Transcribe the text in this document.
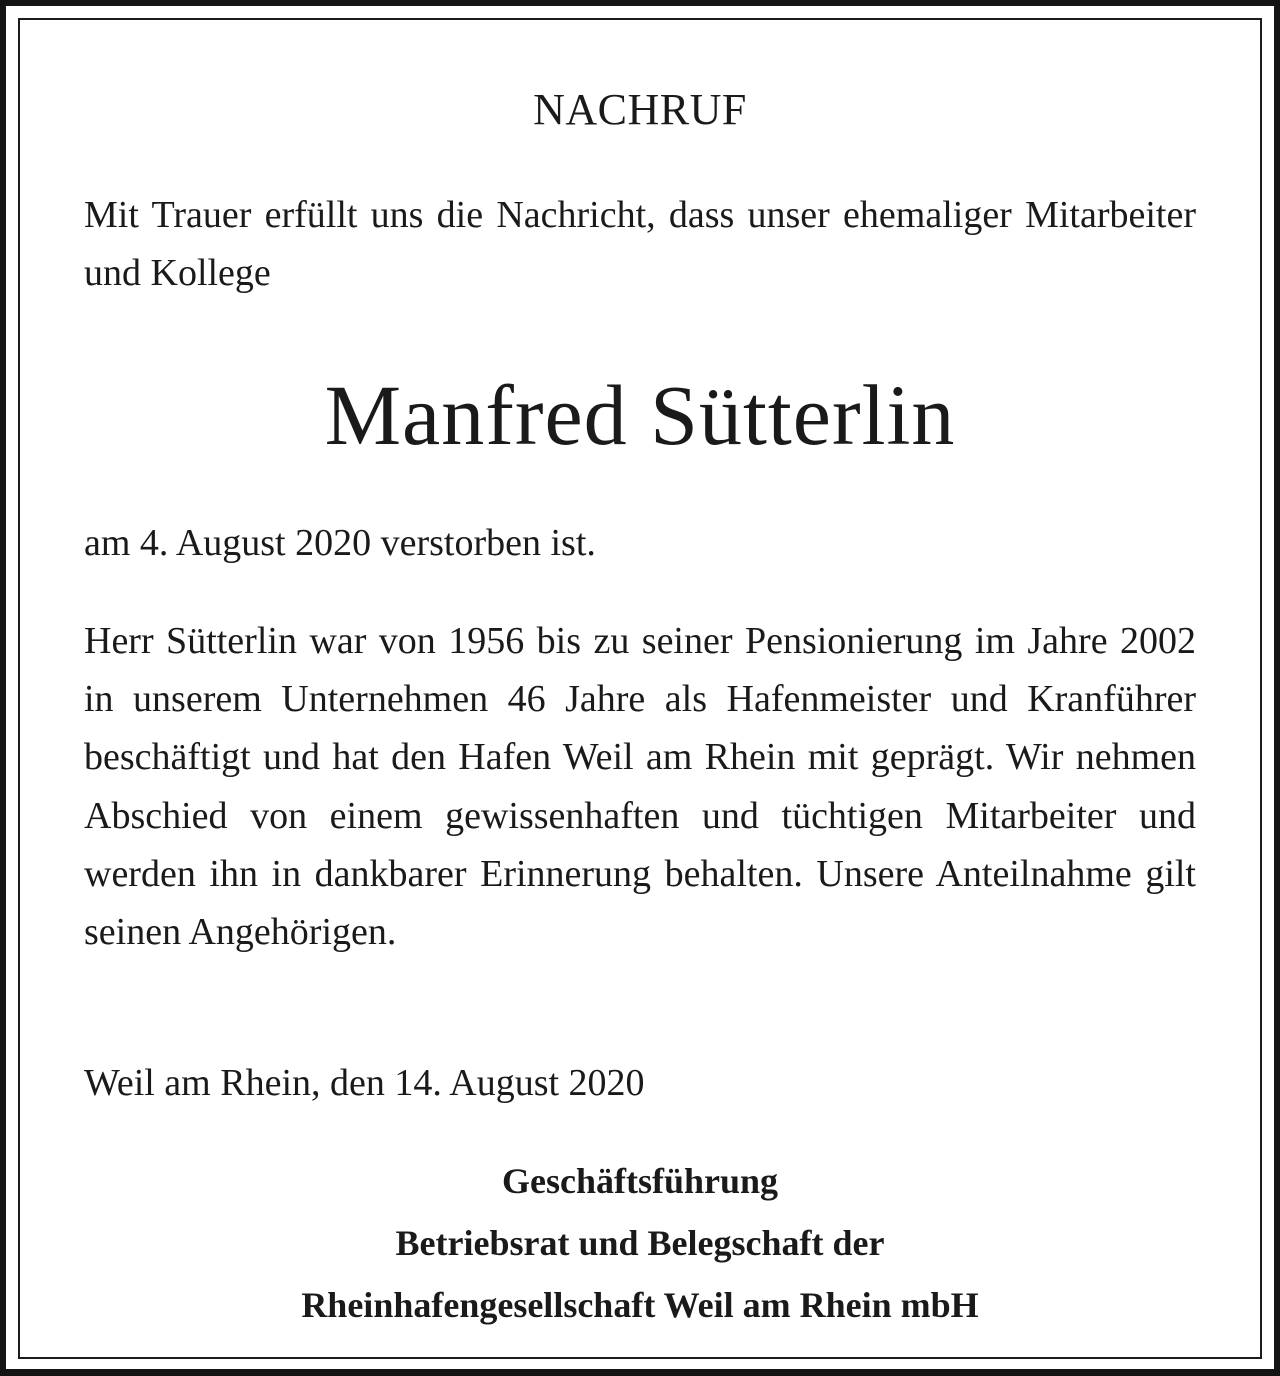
NACHRUF
Mit Trauer erfüllt uns die Nachricht, dass unser ehemaliger Mitarbeiter und Kollege
Manfred Sütterlin
am 4. August 2020 verstorben ist.
Herr Sütterlin war von 1956 bis zu seiner Pensionierung im Jahre 2002 in unserem Unternehmen 46 Jahre als Hafenmeister und Kranführer beschäftigt und hat den Hafen Weil am Rhein mit geprägt. Wir nehmen Abschied von einem gewissenhaften und tüchtigen Mitarbeiter und werden ihn in dankbarer Erinnerung behalten. Unsere Anteilnahme gilt seinen Angehörigen.
Weil am Rhein, den 14. August 2020
Geschäftsführung
Betriebsrat und Belegschaft der
Rheinhafengesellschaft Weil am Rhein mbH
